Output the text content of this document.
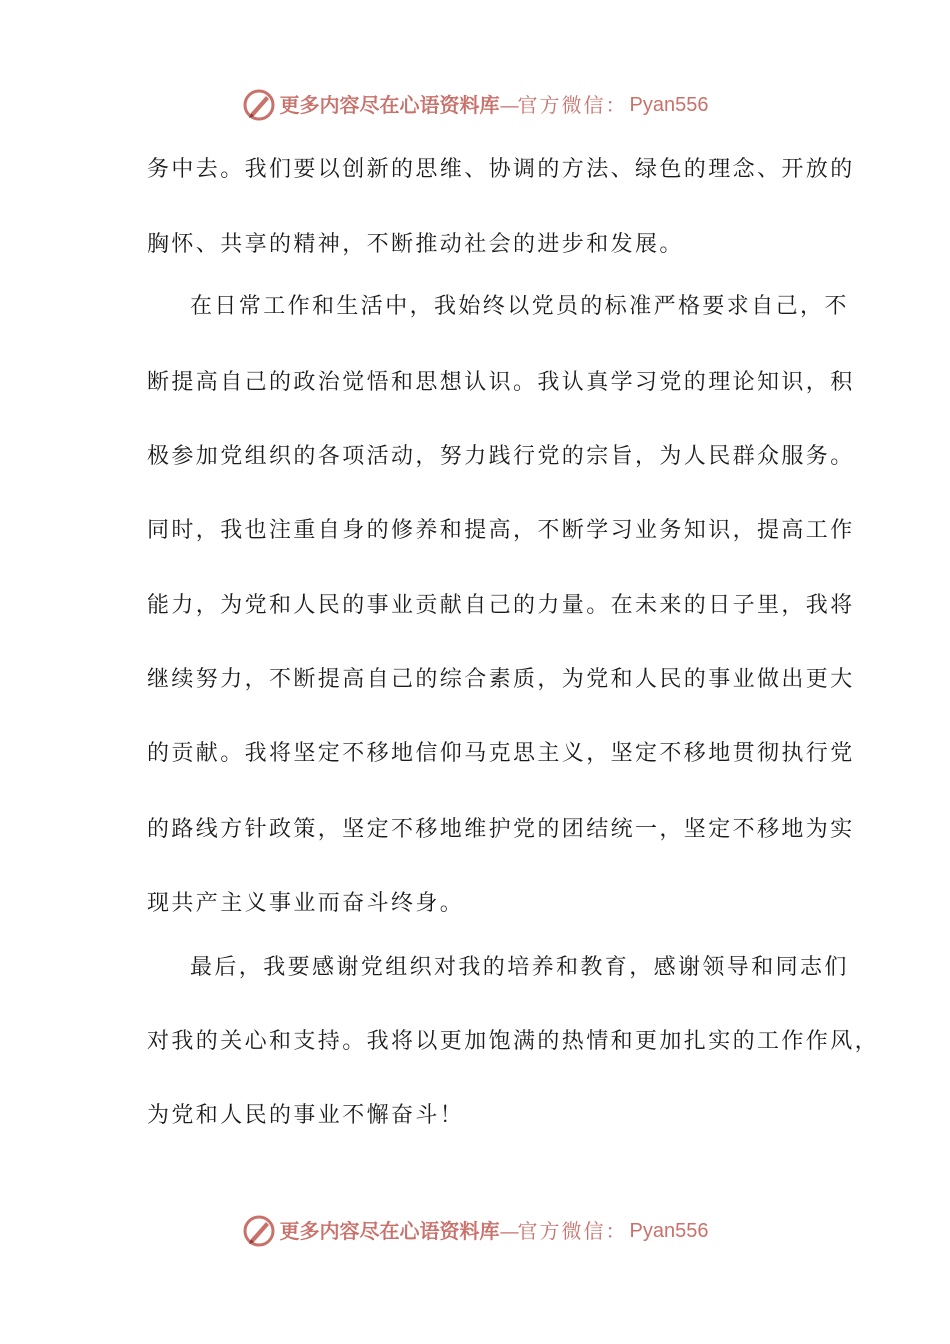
更多内容尽在心语资料库 — 官方微信： Pyan556
务中去。我们要以创新的思维、协调的方法、绿色的理念、开放的
胸怀、共享的精神，不断推动社会的进步和发展。
在日常工作和生活中，我始终以党员的标准严格要求自己，不
断提高自己的政治觉悟和思想认识。我认真学习党的理论知识，积
极参加党组织的各项活动，努力践行党的宗旨，为人民群众服务。
同时，我也注重自身的修养和提高，不断学习业务知识，提高工作
能力，为党和人民的事业贡献自己的力量。在未来的日子里，我将
继续努力，不断提高自己的综合素质，为党和人民的事业做出更大
的贡献。我将坚定不移地信仰马克思主义，坚定不移地贯彻执行党
的路线方针政策，坚定不移地维护党的团结统一，坚定不移地为实
现共产主义事业而奋斗终身。
最后，我要感谢党组织对我的培养和教育，感谢领导和同志们
对我的关心和支持。我将以更加饱满的热情和更加扎实的工作作风，
为党和人民的事业不懈奋斗！
更多内容尽在心语资料库 — 官方微信： Pyan556
